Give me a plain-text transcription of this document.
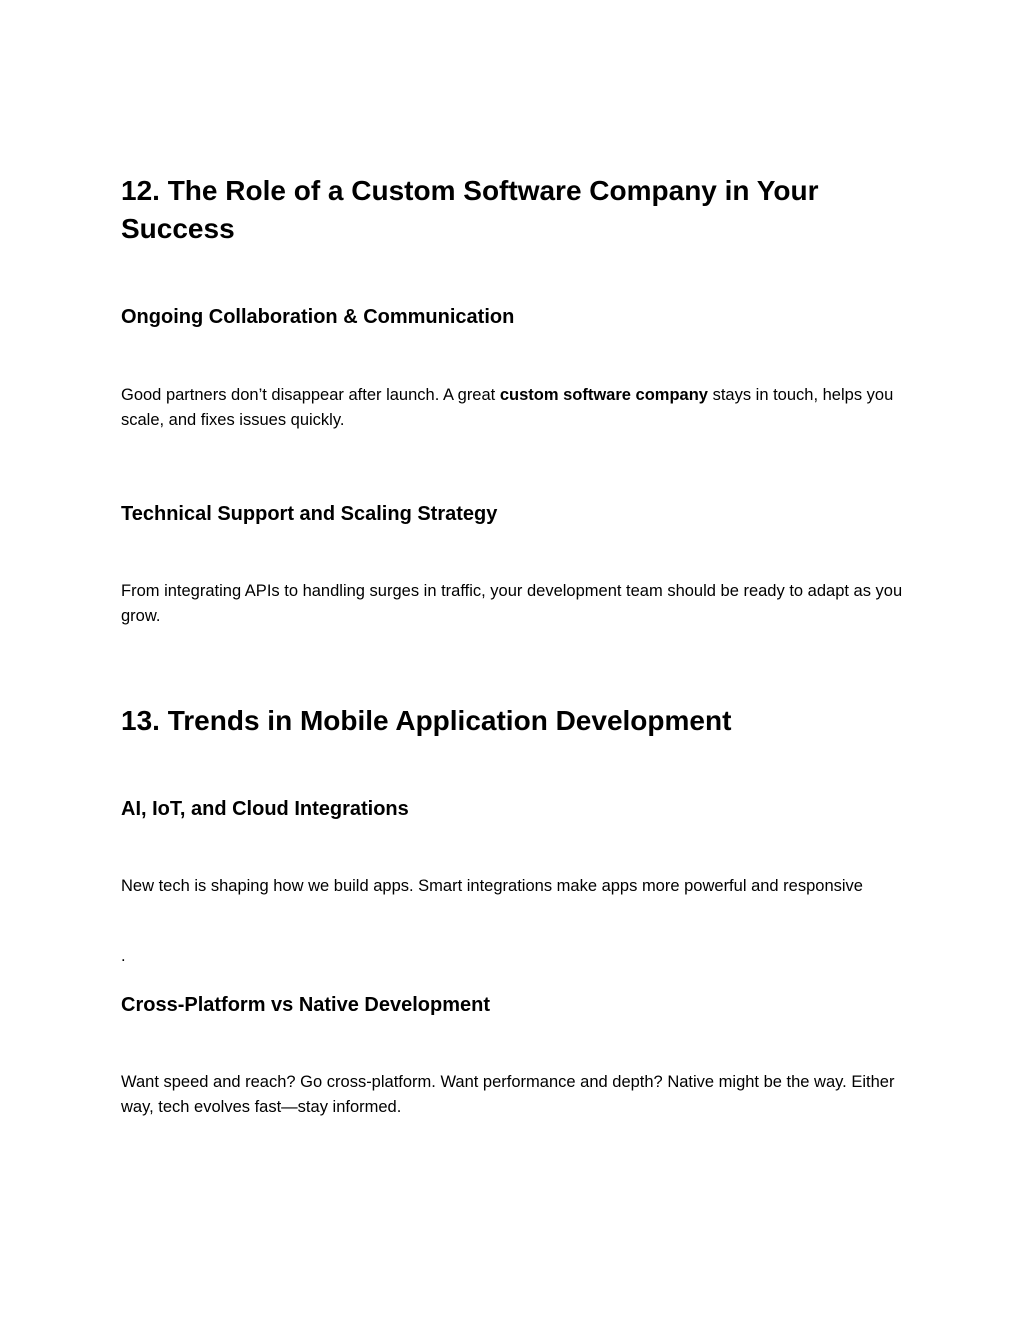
12. The Role of a Custom Software Company in Your
Success
Ongoing Collaboration & Communication

Good partners don’t disappear after launch. A great custom software company stays in touch, helps you scale, and fixes issues quickly.

Technical Support and Scaling Strategy

From integrating APIs to handling surges in traffic, your development team should be ready to adapt as you grow.

13. Trends in Mobile Application Development
AI, IoT, and Cloud Integrations

New tech is shaping how we build apps. Smart integrations make apps more powerful and responsive

.

Cross-Platform vs Native Development

Want speed and reach? Go cross-platform. Want performance and depth? Native might be the way. Either way, tech evolves fast—stay informed.
